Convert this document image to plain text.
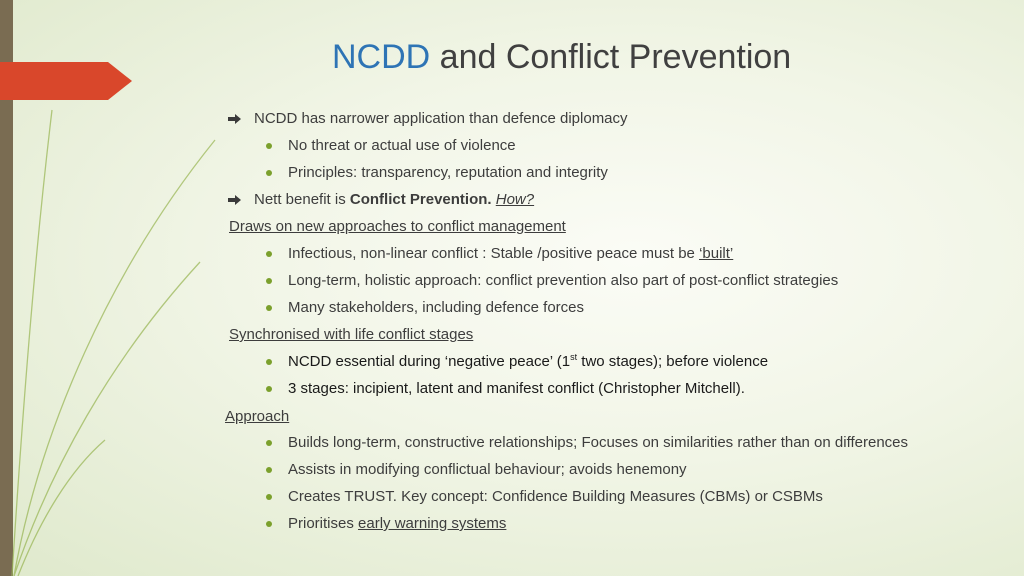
NCDD and Conflict Prevention
NCDD has narrower application than defence diplomacy
No threat or actual use of violence
Principles: transparency, reputation and integrity
Nett benefit is Conflict Prevention. How?
Draws on new approaches to conflict management
Infectious, non-linear conflict : Stable /positive peace must be ‘built’
Long-term, holistic approach: conflict prevention also part of post-conflict strategies
Many stakeholders, including defence forces
Synchronised with life conflict stages
NCDD essential during ‘negative peace’ (1st two stages); before violence
3 stages: incipient, latent and manifest conflict (Christopher Mitchell).
Approach
Builds long-term, constructive relationships; Focuses on similarities rather than on differences
Assists in modifying conflictual behaviour; avoids henemony
Creates TRUST. Key concept: Confidence Building Measures (CBMs) or CSBMs
Prioritises early warning systems
